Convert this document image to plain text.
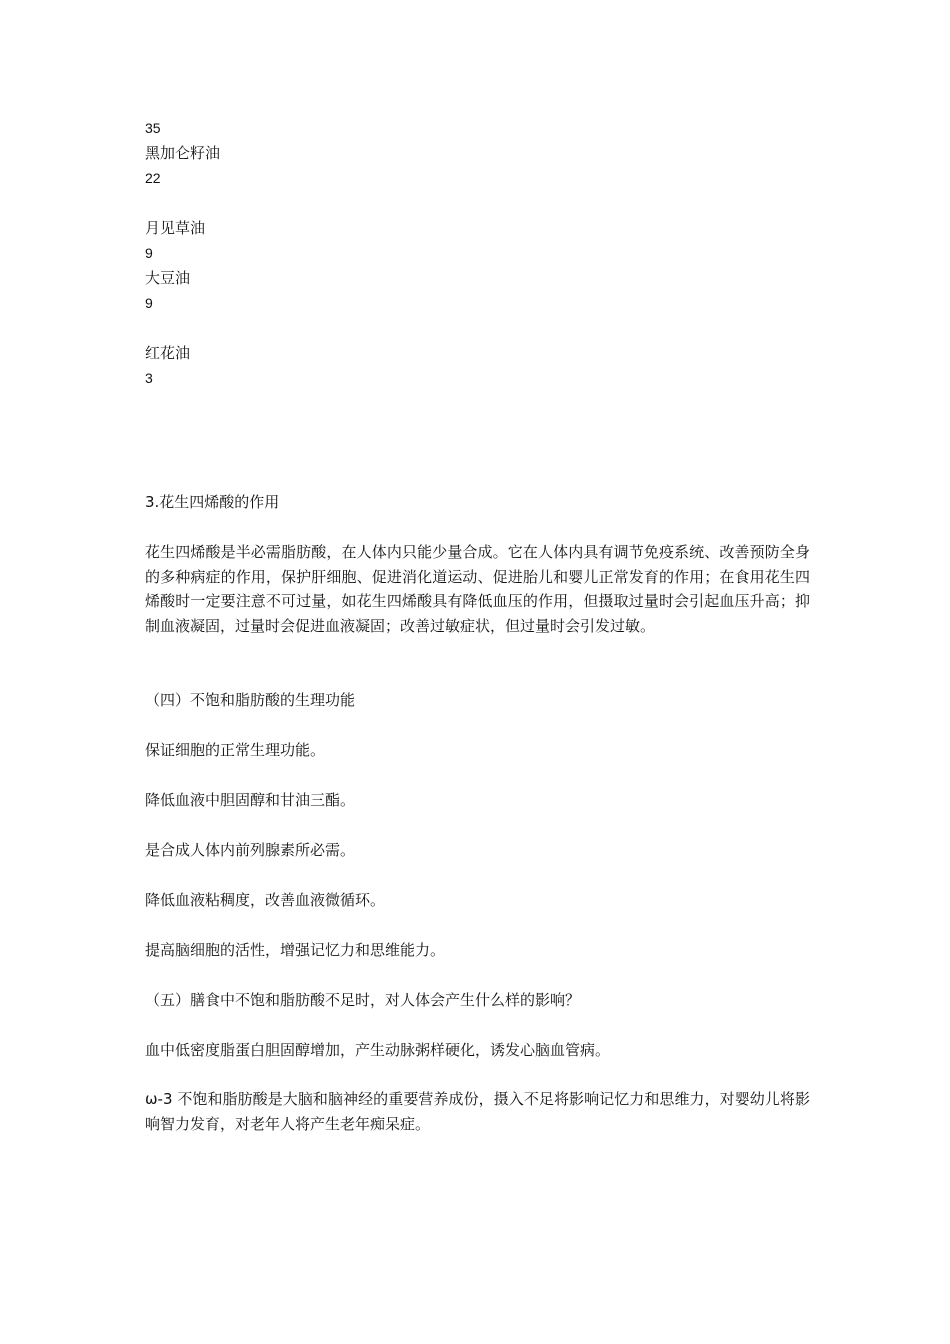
35
黑加仑籽油
22
月见草油
9
大豆油
9
红花油
3
3.花生四烯酸的作用

花生四烯酸是半必需脂肪酸，在人体内只能少量合成。它在人体内具有调节免疫系统、改善预防全身的多种病症的作用，保护肝细胞、促进消化道运动、促进胎儿和婴儿正常发育的作用；在食用花生四烯酸时一定要注意不可过量，如花生四烯酸具有降低血压的作用，但摄取过量时会引起血压升高；抑制血液凝固，过量时会促进血液凝固；改善过敏症状，但过量时会引发过敏。

（四）不饱和脂肪酸的生理功能
保证细胞的正常生理功能。
降低血液中胆固醇和甘油三酯。
是合成人体内前列腺素所必需。
降低血液粘稠度，改善血液微循环。
提高脑细胞的活性，增强记忆力和思维能力。
（五）膳食中不饱和脂肪酸不足时，对人体会产生什么样的影响？
血中低密度脂蛋白胆固醇增加，产生动脉粥样硬化，诱发心脑血管病。

ω-3 不饱和脂肪酸是大脑和脑神经的重要营养成份，摄入不足将影响记忆力和思维力，对婴幼儿将影响智力发育，对老年人将产生老年痴呆症。
